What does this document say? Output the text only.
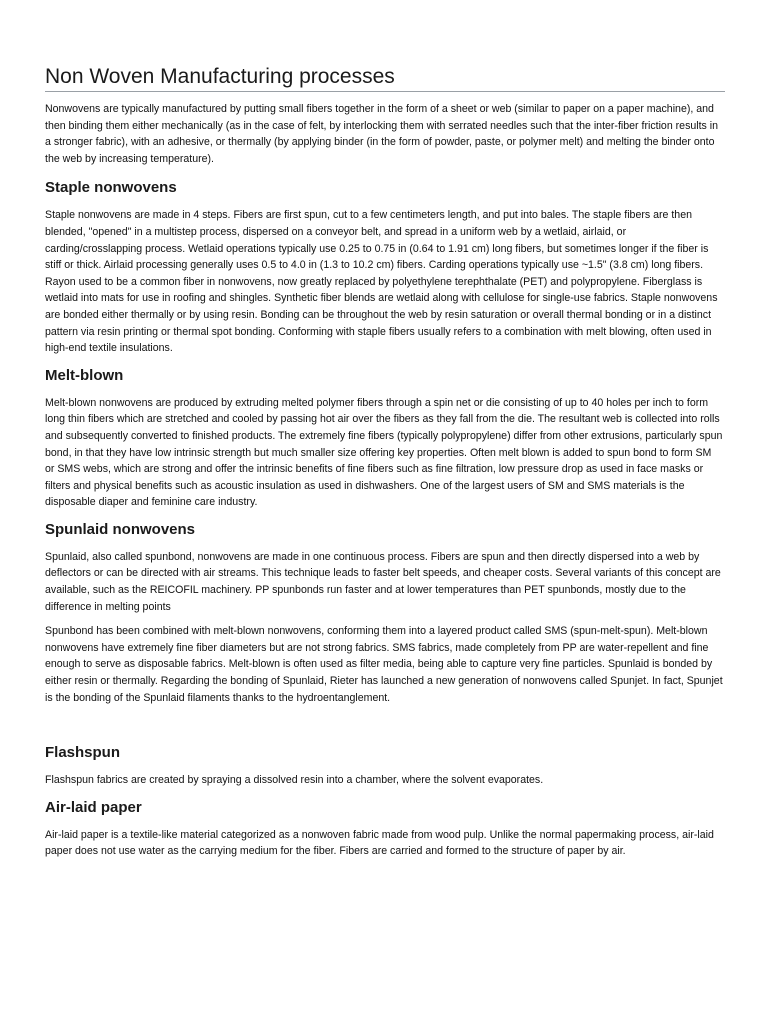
Non Woven Manufacturing processes

Nonwovens are typically manufactured by putting small fibers together in the form of a sheet or web (similar to paper on a paper machine), and then binding them either mechanically (as in the case of felt, by interlocking them with serrated needles such that the inter-fiber friction results in a stronger fabric), with an adhesive, or thermally (by applying binder (in the form of powder, paste, or polymer melt) and melting the binder onto the web by increasing temperature).

Staple nonwovens

Staple nonwovens are made in 4 steps. Fibers are first spun, cut to a few centimeters length, and put into bales. The staple fibers are then blended, "opened" in a multistep process, dispersed on a conveyor belt, and spread in a uniform web by a wetlaid, airlaid, or carding/crosslapping process. Wetlaid operations typically use 0.25 to 0.75 in (0.64 to 1.91 cm) long fibers, but sometimes longer if the fiber is stiff or thick. Airlaid processing generally uses 0.5 to 4.0 in (1.3 to 10.2 cm) fibers. Carding operations typically use ~1.5" (3.8 cm) long fibers. Rayon used to be a common fiber in nonwovens, now greatly replaced by polyethylene terephthalate (PET) and polypropylene. Fiberglass is wetlaid into mats for use in roofing and shingles. Synthetic fiber blends are wetlaid along with cellulose for single-use fabrics. Staple nonwovens are bonded either thermally or by using resin. Bonding can be throughout the web by resin saturation or overall thermal bonding or in a distinct pattern via resin printing or thermal spot bonding. Conforming with staple fibers usually refers to a combination with melt blowing, often used in high-end textile insulations.

Melt-blown

Melt-blown nonwovens are produced by extruding melted polymer fibers through a spin net or die consisting of up to 40 holes per inch to form long thin fibers which are stretched and cooled by passing hot air over the fibers as they fall from the die. The resultant web is collected into rolls and subsequently converted to finished products. The extremely fine fibers (typically polypropylene) differ from other extrusions, particularly spun bond, in that they have low intrinsic strength but much smaller size offering key properties. Often melt blown is added to spun bond to form SM or SMS webs, which are strong and offer the intrinsic benefits of fine fibers such as fine filtration, low pressure drop as used in face masks or filters and physical benefits such as acoustic insulation as used in dishwashers. One of the largest users of SM and SMS materials is the disposable diaper and feminine care industry.

Spunlaid nonwovens

Spunlaid, also called spunbond, nonwovens are made in one continuous process. Fibers are spun and then directly dispersed into a web by deflectors or can be directed with air streams. This technique leads to faster belt speeds, and cheaper costs. Several variants of this concept are available, such as the REICOFIL machinery. PP spunbonds run faster and at lower temperatures than PET spunbonds, mostly due to the difference in melting points

Spunbond has been combined with melt-blown nonwovens, conforming them into a layered product called SMS (spun-melt-spun). Melt-blown nonwovens have extremely fine fiber diameters but are not strong fabrics. SMS fabrics, made completely from PP are water-repellent and fine enough to serve as disposable fabrics. Melt-blown is often used as filter media, being able to capture very fine particles. Spunlaid is bonded by either resin or thermally. Regarding the bonding of Spunlaid, Rieter has launched a new generation of nonwovens called Spunjet. In fact, Spunjet is the bonding of the Spunlaid filaments thanks to the hydroentanglement.

Flashspun

Flashspun fabrics are created by spraying a dissolved resin into a chamber, where the solvent evaporates.

Air-laid paper

Air-laid paper is a textile-like material categorized as a nonwoven fabric made from wood pulp. Unlike the normal papermaking process, air-laid paper does not use water as the carrying medium for the fiber. Fibers are carried and formed to the structure of paper by air.
